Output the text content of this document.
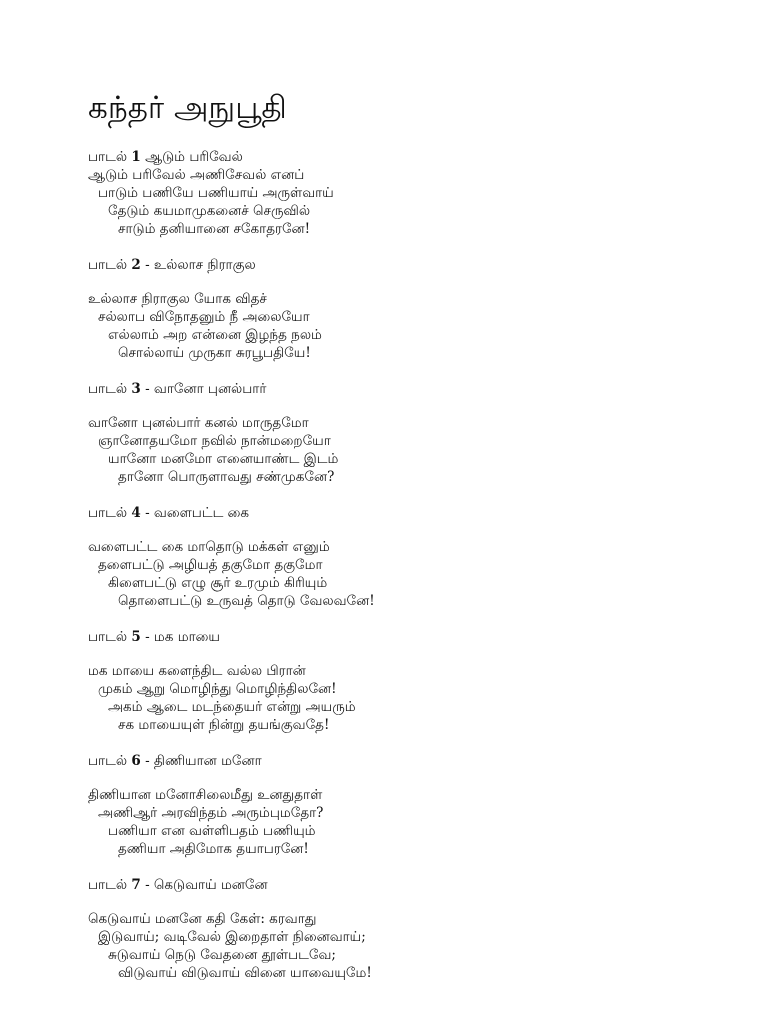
கந்தர் அநுபூதி
பாடல் 1 ஆடும் பரிவேல்
ஆடும் பரிவேல் அணிசேவல் எனப்
பாடும் பணியே பணியாய் அருள்வாய்
தேடும் கயமாமுகனைச் செருவில்
சாடும் தனியானை சகோதரனே!
பாடல் 2 - உல்லாச நிராகுல
உல்லாச நிராகுல யோக விதச்
சல்லாப விநோதனும் நீ அலையோ
எல்லாம் அற என்னை இழந்த நலம்
சொல்லாய் முருகா சுரபூபதியே!
பாடல் 3 - வானோ புனல்பார்
வானோ புனல்பார் கனல் மாருதமோ
ஞானோதயமோ நவில் நான்மறையோ
யானோ மனமோ எனையாண்ட இடம்
தானோ பொருளாவது சண்முகனே?
பாடல் 4 - வளைபட்ட கை
வளைபட்ட கை மாதொடு மக்கள் எனும்
தளைபட்டு அழியத் தகுமோ தகுமோ
கிளைபட்டு எழு சூர் உரமும் கிரியும்
தொளைபட்டு உருவத் தொடு வேலவனே!
பாடல் 5 - மக மாயை
மக மாயை களைந்திட வல்ல பிரான்
முகம் ஆறு மொழிந்து மொழிந்திலனே!
அகம் ஆடை மடந்தையர் என்று அயரும்
சக மாயையுள் நின்று தயங்குவதே!
பாடல் 6 - திணியான மனோ
திணியான மனோசிலைமீது உனதுதாள்
அணிஆர் அரவிந்தம் அரும்புமதோ?
பணியா என வள்ளிபதம் பணியும்
தணியா அதிமோக தயாபரனே!
பாடல் 7 - கெடுவாய் மனனே
கெடுவாய் மனனே கதி கேள்: கரவாது
இடுவாய்; வடிவேல் இறைதாள் நினைவாய்;
சுடுவாய் நெடு வேதனை தூள்படவே;
விடுவாய் விடுவாய் வினை யாவையுமே!
